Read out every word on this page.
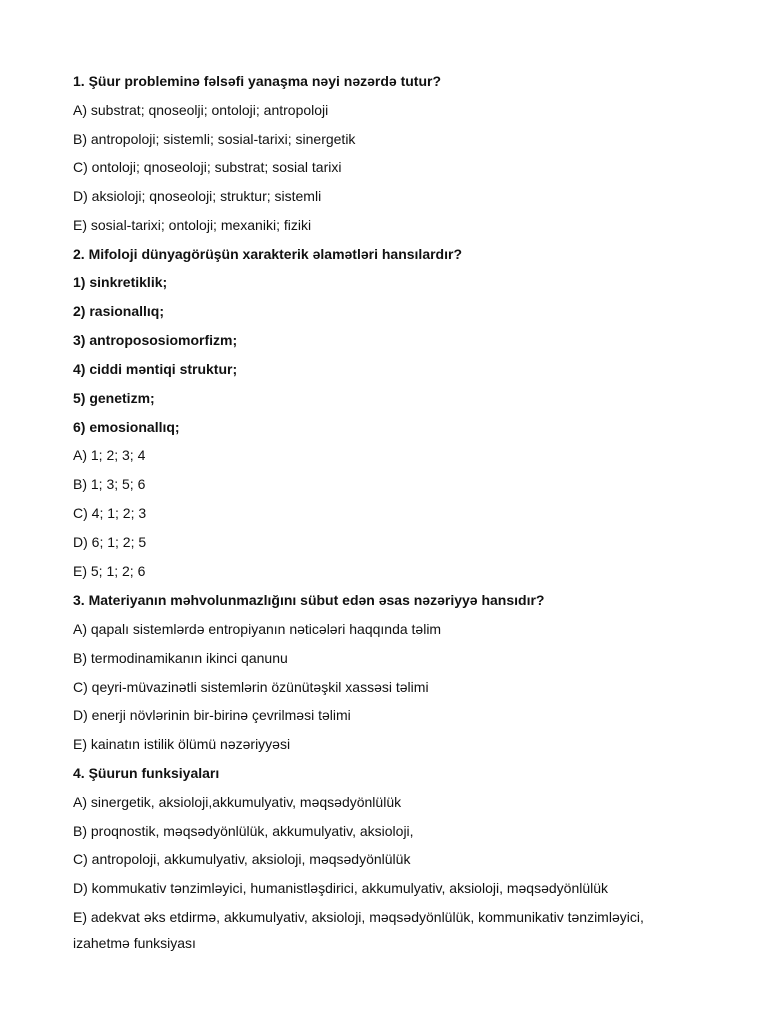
1. Şüur probleminə fəlsəfi yanaşma nəyi nəzərdə tutur?
A) substrat; qnoseolji; ontoloji; antropoloji
B) antropoloji; sistemli; sosial-tarixi; sinergetik
C) ontoloji; qnoseoloji; substrat; sosial tarixi
D) aksioloji; qnoseoloji; struktur; sistemli
E) sosial-tarixi; ontoloji; mexaniki; fiziki
2. Mifoloji dünyagörüşün xarakterik əlamətləri hansılardır?
1) sinkretiklik;
2) rasionallıq;
3) antropososiomorfizm;
4) ciddi məntiqi struktur;
5) genetizm;
6) emosionallıq;
A) 1; 2; 3; 4
B) 1; 3; 5; 6
C) 4; 1; 2; 3
D) 6; 1; 2; 5
E) 5; 1; 2; 6
3. Materiyanın məhvolunmazlığını sübut edən əsas nəzəriyyə hansıdır?
A) qapalı sistemlərdə entropiyanın nəticələri haqqında təlim
B) termodinamikanın ikinci qanunu
C) qeyri-müvazinətli sistemlərin özünütəşkil xassəsi təlimi
D) enerji növlərinin bir-birinə çevrilməsi təlimi
E) kainatın istilik ölümü nəzəriyyəsi
4. Şüurun funksiyaları
A) sinergetik, aksioloji,akkumulyativ, məqsədyönlülük
B) proqnostik, məqsədyönlülük, akkumulyativ, aksioloji,
C) antropoloji, akkumulyativ, aksioloji, məqsədyönlülük
D) kommukativ tənzimləyici, humanistləşdirici, akkumulyativ, aksioloji, məqsədyönlülük
E) adekvat əks etdirmə, akkumulyativ, aksioloji, məqsədyönlülük, kommunikativ tənzimləyici,
izahetmə funksiyası
